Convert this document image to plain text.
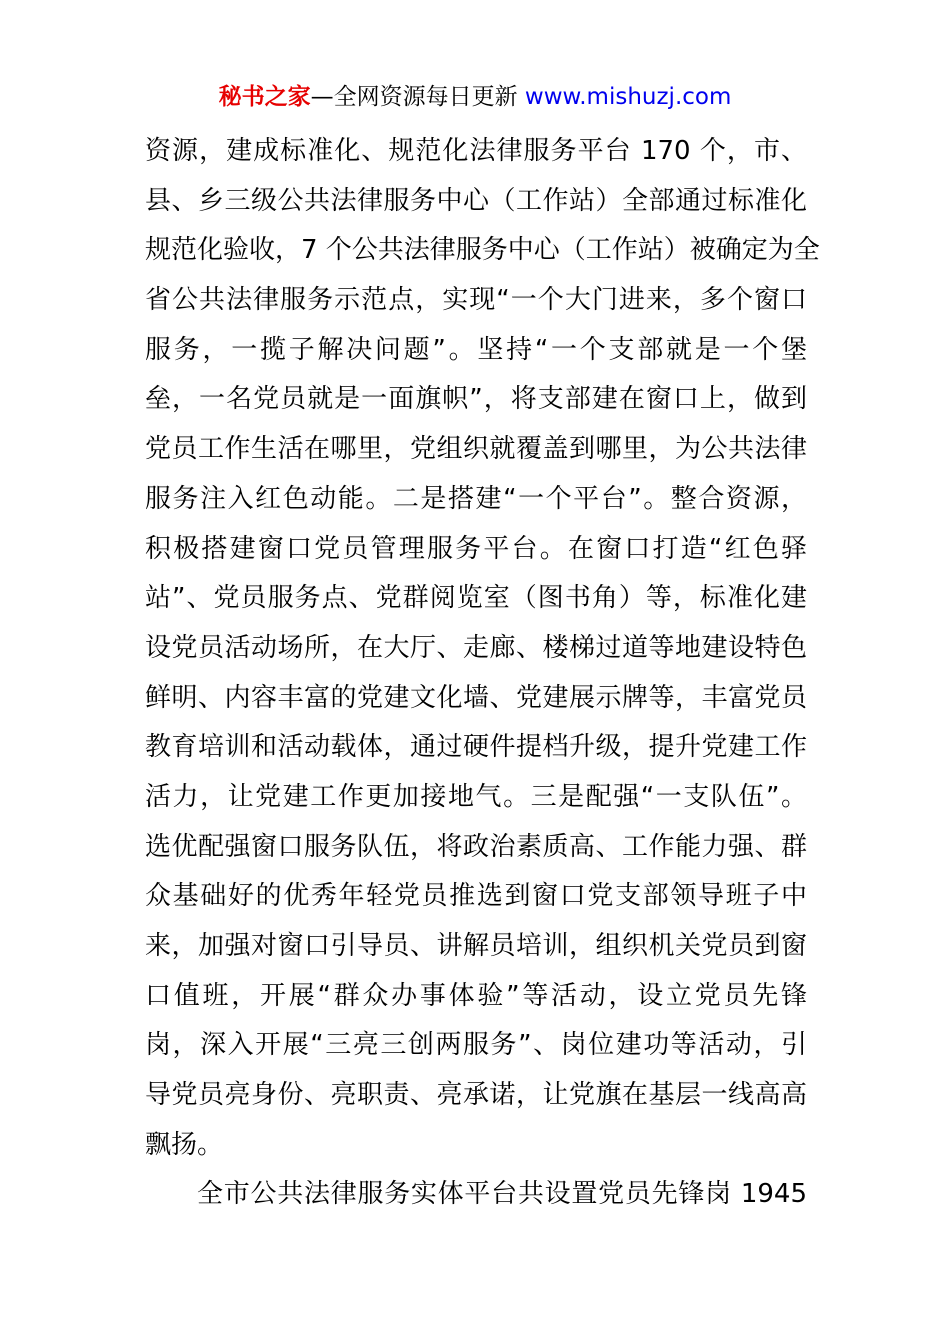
秘书之家—全网资源每日更新 www.mishuzj.com
资源，建成标准化、规范化法律服务平台 170 个，市、
县、乡三级公共法律服务中心（工作站）全部通过标准化
规范化验收，7 个公共法律服务中心（工作站）被确定为全
省公共法律服务示范点，实现“一个大门进来，多个窗口
服务，一揽子解决问题”。坚持“一个支部就是一个堡
垒，一名党员就是一面旗帜”，将支部建在窗口上，做到
党员工作生活在哪里，党组织就覆盖到哪里，为公共法律
服务注入红色动能。二是搭建“一个平台”。整合资源，
积极搭建窗口党员管理服务平台。在窗口打造“红色驿
站”、党员服务点、党群阅览室（图书角）等，标准化建
设党员活动场所，在大厅、走廊、楼梯过道等地建设特色
鲜明、内容丰富的党建文化墙、党建展示牌等，丰富党员
教育培训和活动载体，通过硬件提档升级，提升党建工作
活力，让党建工作更加接地气。三是配强“一支队伍”。
选优配强窗口服务队伍，将政治素质高、工作能力强、群
众基础好的优秀年轻党员推选到窗口党支部领导班子中
来，加强对窗口引导员、讲解员培训，组织机关党员到窗
口值班，开展“群众办事体验”等活动，设立党员先锋
岗，深入开展“三亮三创两服务”、岗位建功等活动，引
导党员亮身份、亮职责、亮承诺，让党旗在基层一线高高
飘扬。
全市公共法律服务实体平台共设置党员先锋岗 1945
